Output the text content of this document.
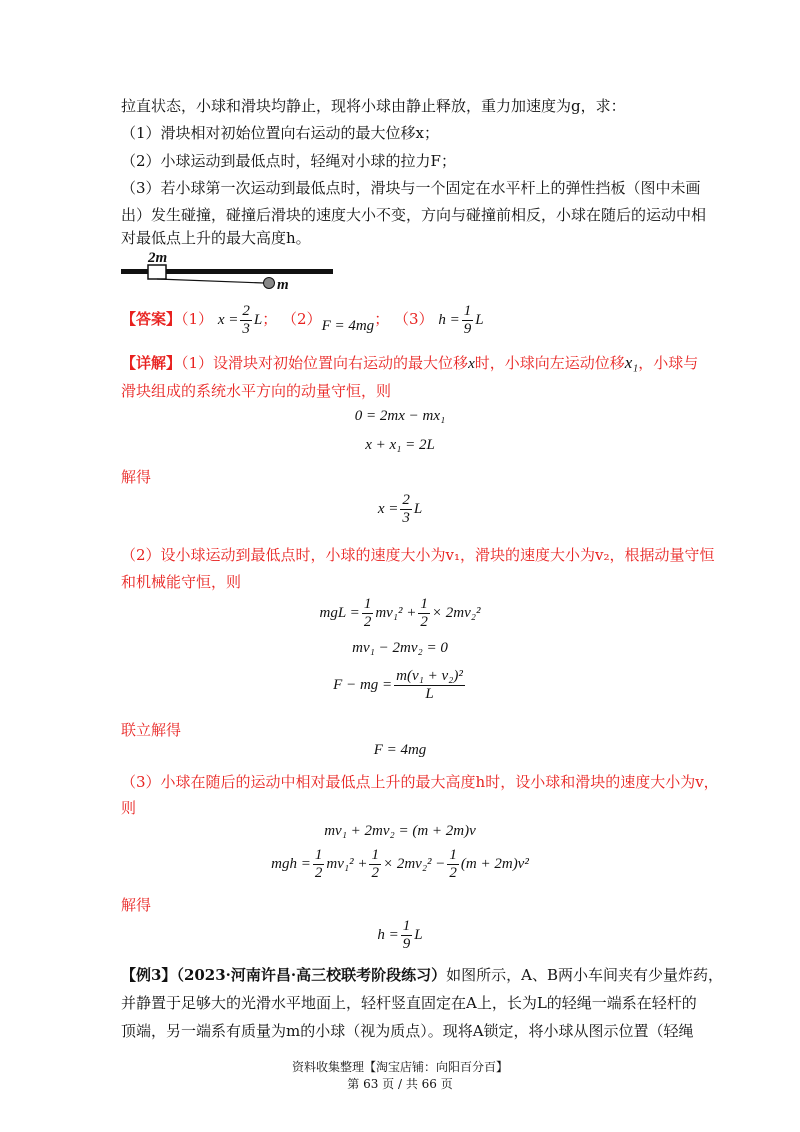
拉直状态，小球和滑块均静止，现将小球由静止释放，重力加速度为g，求：
（1）滑块相对初始位置向右运动的最大位移x；
（2）小球运动到最低点时，轻绳对小球的拉力F；
（3）若小球第一次运动到最低点时，滑块与一个固定在水平杆上的弹性挡板（图中未画
出）发生碰撞，碰撞后滑块的速度大小不变，方向与碰撞前相反，小球在随后的运动中相
对最低点上升的最大高度h。
2m
m
【答案】（1） $x = \frac{2}{3}$ L； （2）F = 4mg； （3） $h = \frac{1}{9}$ L
【详解】（1）设滑块对初始位置向右运动的最大位移x时，小球向左运动位移x₁，小球与
滑块组成的系统水平方向的动量守恒，则
0 = 2mx − mx₁
x + x₁ = 2L
解得
$x = \frac{2}{3}$ L
（2）设小球运动到最低点时，小球的速度大小为v₁，滑块的速度大小为v₂，根据动量守恒
和机械能守恒，则
mgL = $\frac{1}{2} mv_1^2 + \frac{1}{2} \times 2mv_2^2$
mv₁ − 2mv₂ = 0
F − mg = $\frac{\text{m(v₁ + v₂)²}}{L}$
联立解得
F = 4mg
（3）小球在随后的运动中相对最低点上升的最大高度h时，设小球和滑块的速度大小为v，
则
mv₁ + 2mv₂ = (m + 2m)v
mgh = $\frac{1}{2} mv_1^2 + \frac{1}{2} \times 2mv_2^2 - \frac{1}{2} (m + 2m)v^2$
解得
$h = \frac{1}{9}$ L
【例3】（2023·河南许昌·高三校联考阶段练习）如图所示，A、B两小车间夹有少量炸药，
并静置于足够大的光滑水平地面上，轻杆竖直固定在A上，长为L的轻绳一端系在轻杆的
顶端，另一端系有质量为m的小球（视为质点）。现将A锁定，将小球从图示位置（轻绳
资料收集整理【淘宝店铺：向阳百分百】
第 63 页 / 共 66 页
